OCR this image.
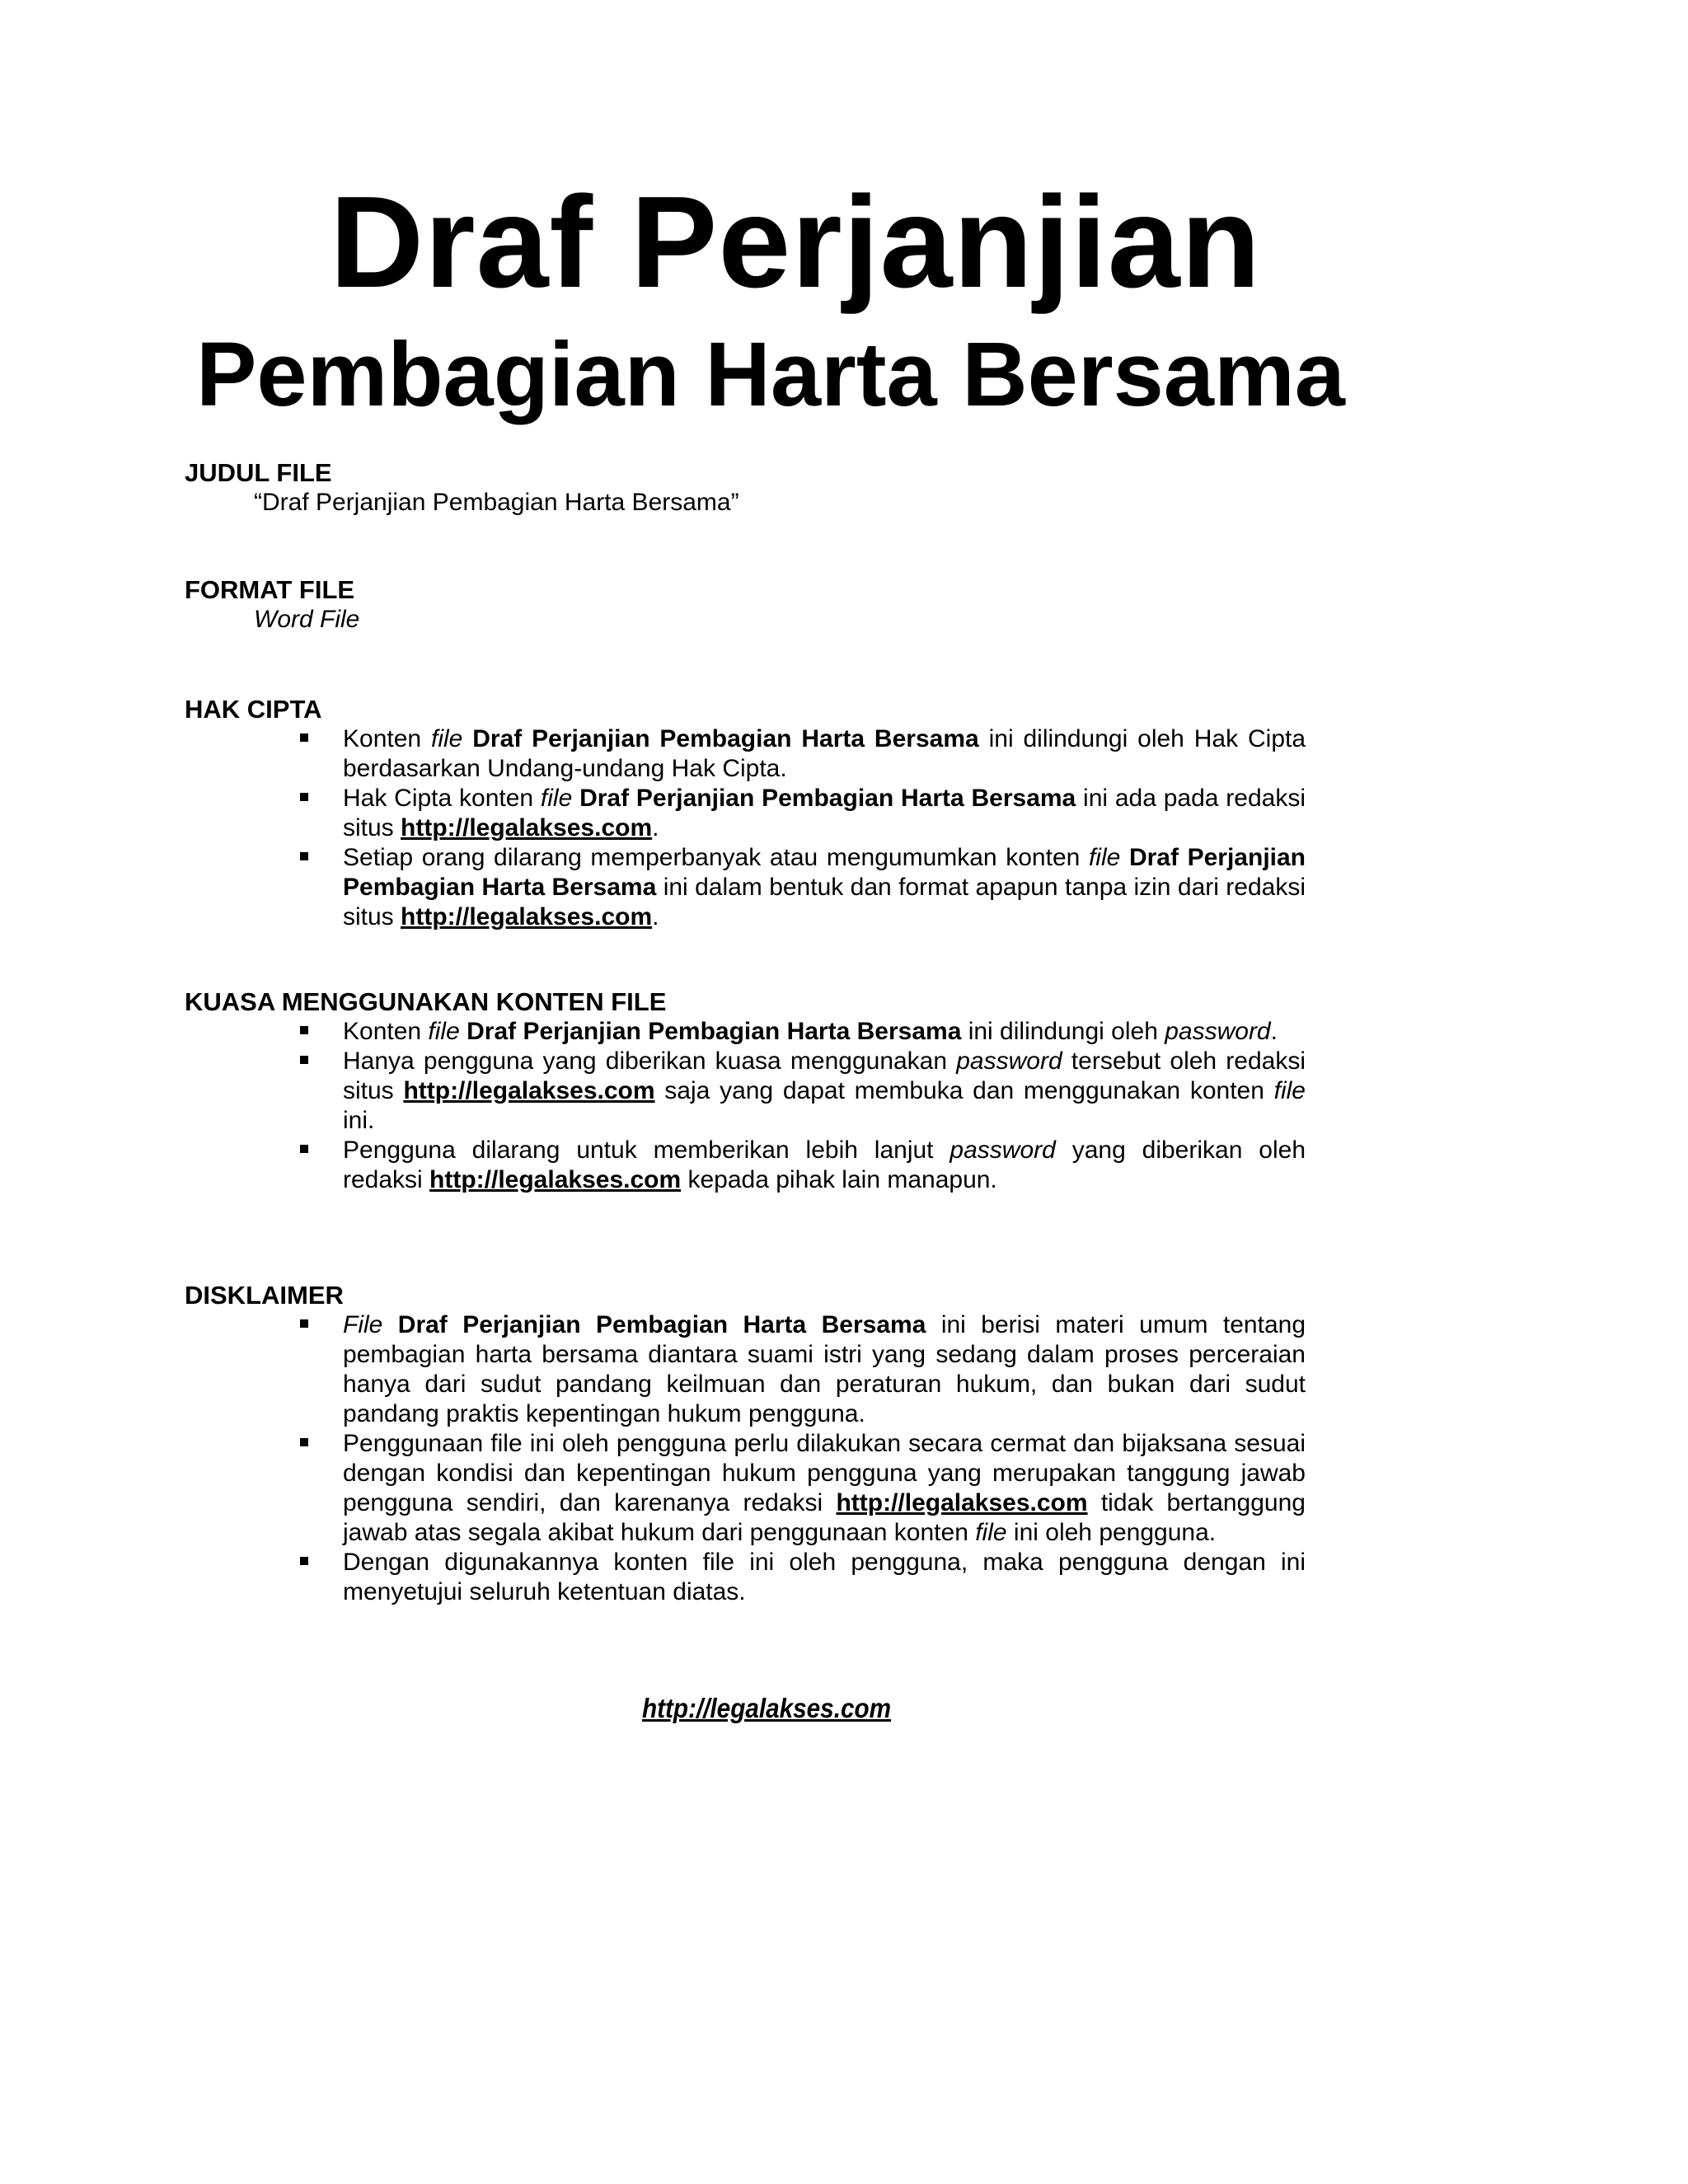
Draf Perjanjian
Pembagian Harta Bersama
JUDUL FILE
“Draf Perjanjian Pembagian Harta Bersama”
FORMAT FILE
Word File
HAK CIPTA
Konten file Draf Perjanjian Pembagian Harta Bersama ini dilindungi oleh Hak Cipta berdasarkan Undang-undang Hak Cipta.
Hak Cipta konten file Draf Perjanjian Pembagian Harta Bersama ini ada pada redaksi situs http://legalakses.com.
Setiap orang dilarang memperbanyak atau mengumumkan konten file Draf Perjanjian Pembagian Harta Bersama ini dalam bentuk dan format apapun tanpa izin dari redaksi situs http://legalakses.com.
KUASA MENGGUNAKAN KONTEN FILE
Konten file Draf Perjanjian Pembagian Harta Bersama ini dilindungi oleh password.
Hanya pengguna yang diberikan kuasa menggunakan password tersebut oleh redaksi situs http://legalakses.com saja yang dapat membuka dan menggunakan konten file ini.
Pengguna dilarang untuk memberikan lebih lanjut password yang diberikan oleh redaksi http://legalakses.com kepada pihak lain manapun.
DISKLAIMER
File Draf Perjanjian Pembagian Harta Bersama ini berisi materi umum tentang pembagian harta bersama diantara suami istri yang sedang dalam proses perceraian hanya dari sudut pandang keilmuan dan peraturan hukum, dan bukan dari sudut pandang praktis kepentingan hukum pengguna.
Penggunaan file ini oleh pengguna perlu dilakukan secara cermat dan bijaksana sesuai dengan kondisi dan kepentingan hukum pengguna yang merupakan tanggung jawab pengguna sendiri, dan karenanya redaksi http://legalakses.com tidak bertanggung jawab atas segala akibat hukum dari penggunaan konten file ini oleh pengguna.
Dengan digunakannya konten file ini oleh pengguna, maka pengguna dengan ini menyetujui seluruh ketentuan diatas.
http://legalakses.com
